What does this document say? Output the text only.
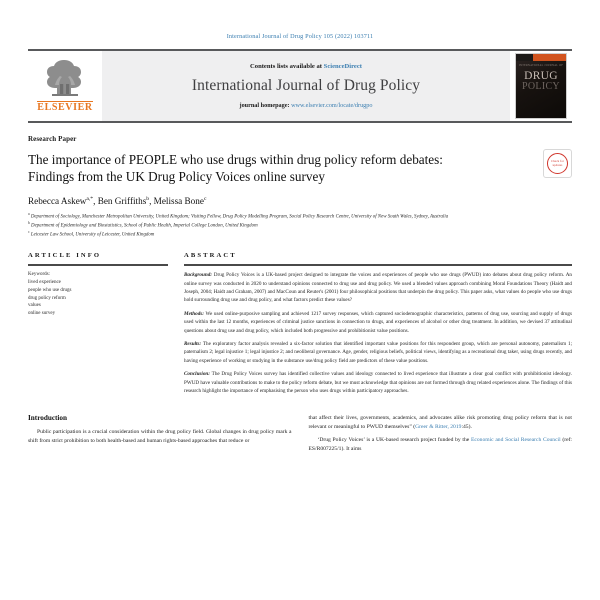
International Journal of Drug Policy 105 (2022) 103711
ELSEVIER
Contents lists available at ScienceDirect
International Journal of Drug Policy
journal homepage: www.elsevier.com/locate/drugpo
INTERNATIONAL JOURNAL OF
DRUG
POLICY
Research Paper
The importance of PEOPLE who use drugs within drug policy reform debates: Findings from the UK Drug Policy Voices online survey
Check for updates
Rebecca Askew$^{a,*}$, Ben Griffiths$^b$, Melissa Bone$^c$
$^a$ Department of Sociology, Manchester Metropolitan University, United Kingdom; Visiting Fellow, Drug Policy Modelling Program, Social Policy Research Centre, University of New South Wales, Sydney, Australia
$^b$ Department of Epidemiology and Biostatistics, School of Public Health, Imperial College London, United Kingdom
$^c$ Leicester Law School, University of Leicester, United Kingdom
ARTICLE INFO
Keywords:
lived experience
people who use drugs
drug policy reform
values
online survey
ABSTRACT

Background: Drug Policy Voices is a UK-based project designed to integrate the voices and experiences of people who use drugs (PWUD) into debates about drug policy reform. An online survey was conducted in 2020 to understand opinions connected to drug use and drug policy. We used a blended values approach combining Moral Foundations Theory (Haidt and Joseph, 2004; Haidt and Graham, 2007) and MacCoun and Reuter's (2001) four philosophical positions that underpin the drug policy. This paper asks, what values do people who use drugs hold surrounding drug use and drug policy, and what factors predict these values?

Methods: We used online-purposive sampling and achieved 1217 survey responses, which captured sociodemographic characteristics, patterns of drug use, sourcing and supply of drugs used within the last 12 months, experiences of criminal justice sanctions in connection to drugs, and experiences of alcohol or other drug treatment. In addition, we devised 37 attitudinal questions about drug use and drug policy, which included both progressive and prohibitionist value positions.

Results: The exploratory factor analysis revealed a six-factor solution that identified important value positions for this respondent group, which are personal autonomy, paternalism 1; paternalism 2; legal injustice 1; legal injustice 2; and neoliberal governance. Age, gender, religious beliefs, political views, identifying as a recreational drug taker, using drugs recently, and having experience of working or studying in the substance use/drug policy field are predictors of these value positions.

Conclusion: The Drug Policy Voices survey has identified collective values and ideology connected to lived experience that illustrate a clear goal conflict with prohibitionist ideology. PWUD have valuable contributions to make to the policy reform debate, but we must acknowledge that opinions are not formed through drug related experiences alone. The findings of this research highlight the importance of emphasising the person who uses drugs within participatory approaches.

Introduction

Public participation is a crucial consideration within the drug policy field. Global changes in drug policy mark a shift from strict prohibition to both health-based and human rights-based approaches that reduce or

that affect their lives, governments, academics, and advocates alike risk promoting drug policy reform that is not relevant or meaningful to PWUD themselves” (Greer & Ritter, 2019:45).

‘Drug Policy Voices’ is a UK-based research project funded by the Economic and Social Research Council (ref: ES/R007225/1). It aims
